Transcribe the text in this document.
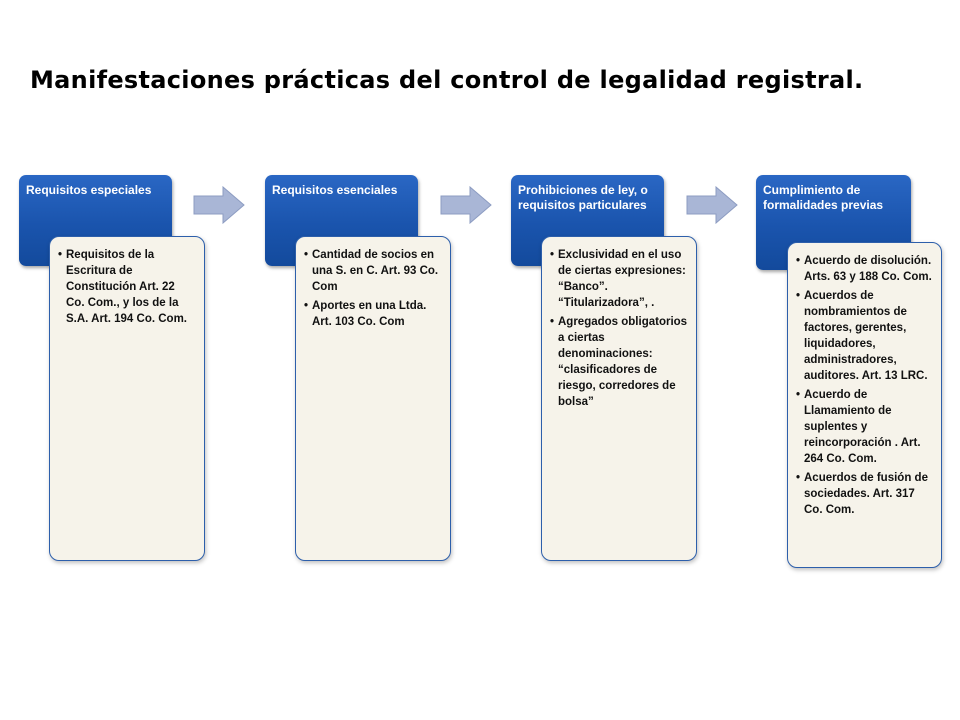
Manifestaciones prácticas del control de legalidad registral.
Requisitos especiales
• Requisitos de la Escritura de Constitución Art. 22 Co. Com., y los de la S.A. Art. 194 Co. Com.
Requisitos esenciales
• Cantidad de socios en una S. en C. Art. 93 Co. Com
• Aportes en una Ltda. Art. 103 Co. Com
Prohibiciones de ley, o requisitos particulares
• Exclusividad en el uso de ciertas expresiones: “Banco”. “Titularizadora”, .
• Agregados obligatorios a ciertas denominaciones: “clasificadores de riesgo, corredores de bolsa”
Cumplimiento de formalidades previas
• Acuerdo de disolución. Arts. 63 y 188 Co. Com.
• Acuerdos de nombramientos de factores, gerentes, liquidadores, administradores, auditores. Art. 13 LRC.
• Acuerdo de Llamamiento de suplentes y reincorporación . Art. 264 Co. Com.
• Acuerdos de fusión de sociedades. Art. 317 Co. Com.
